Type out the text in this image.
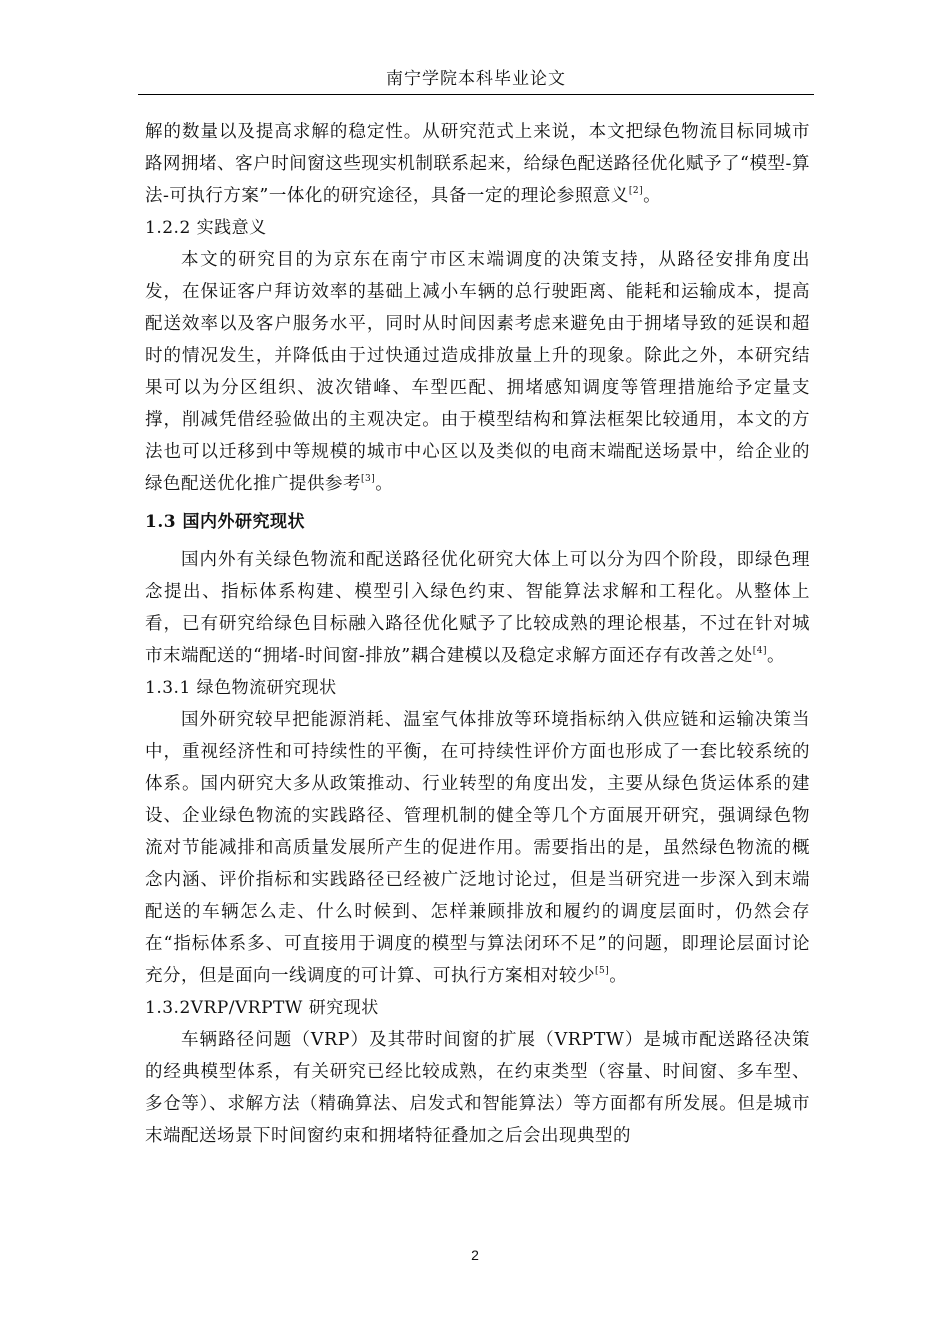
南宁学院本科毕业论文

解的数量以及提高求解的稳定性。从研究范式上来说，本文把绿色物流目标同城市路网拥堵、客户时间窗这些现实机制联系起来，给绿色配送路径优化赋予了“模型-算法-可执行方案”一体化的研究途径，具备一定的理论参照意义[2]。

1.2.2 实践意义

本文的研究目的为京东在南宁市区末端调度的决策支持，从路径安排角度出发，在保证客户拜访效率的基础上减小车辆的总行驶距离、能耗和运输成本，提高配送效率以及客户服务水平，同时从时间因素考虑来避免由于拥堵导致的延误和超时的情况发生，并降低由于过快通过造成排放量上升的现象。除此之外，本研究结果可以为分区组织、波次错峰、车型匹配、拥堵感知调度等管理措施给予定量支撑，削减凭借经验做出的主观决定。由于模型结构和算法框架比较通用，本文的方法也可以迁移到中等规模的城市中心区以及类似的电商末端配送场景中，给企业的绿色配送优化推广提供参考[3]。

1.3 国内外研究现状

国内外有关绿色物流和配送路径优化研究大体上可以分为四个阶段，即绿色理念提出、指标体系构建、模型引入绿色约束、智能算法求解和工程化。从整体上看，已有研究给绿色目标融入路径优化赋予了比较成熟的理论根基，不过在针对城市末端配送的“拥堵-时间窗-排放”耦合建模以及稳定求解方面还存有改善之处[4]。

1.3.1 绿色物流研究现状

国外研究较早把能源消耗、温室气体排放等环境指标纳入供应链和运输决策当中，重视经济性和可持续性的平衡，在可持续性评价方面也形成了一套比较系统的体系。国内研究大多从政策推动、行业转型的角度出发，主要从绿色货运体系的建设、企业绿色物流的实践路径、管理机制的健全等几个方面展开研究，强调绿色物流对节能减排和高质量发展所产生的促进作用。需要指出的是，虽然绿色物流的概念内涵、评价指标和实践路径已经被广泛地讨论过，但是当研究进一步深入到末端配送的车辆怎么走、什么时候到、怎样兼顾排放和履约的调度层面时，仍然会存在“指标体系多、可直接用于调度的模型与算法闭环不足”的问题，即理论层面讨论充分，但是面向一线调度的可计算、可执行方案相对较少[5]。

1.3.2VRP/VRPTW 研究现状

车辆路径问题（VRP）及其带时间窗的扩展（VRPTW）是城市配送路径决策的经典模型体系，有关研究已经比较成熟，在约束类型（容量、时间窗、多车型、多仓等）、求解方法（精确算法、启发式和智能算法）等方面都有所发展。但是城市末端配送场景下时间窗约束和拥堵特征叠加之后会出现典型的

2
